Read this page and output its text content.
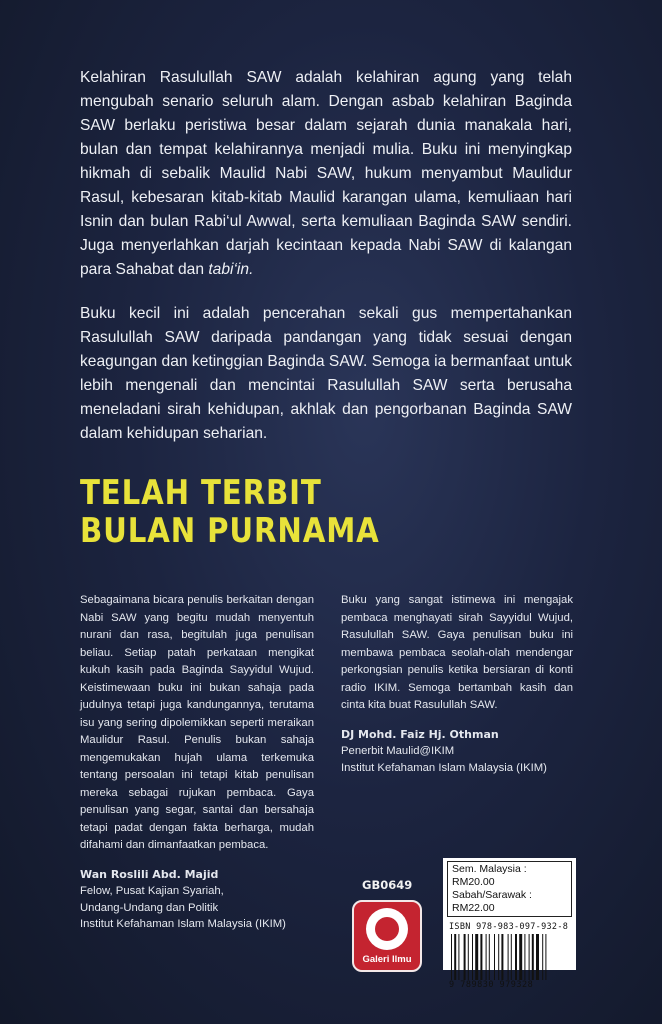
Kelahiran Rasulullah SAW adalah kelahiran agung yang telah mengubah senario seluruh alam. Dengan asbab kelahiran Baginda SAW berlaku peristiwa besar dalam sejarah dunia manakala hari, bulan dan tempat kelahirannya menjadi mulia. Buku ini menyingkap hikmah di sebalik Maulid Nabi SAW, hukum menyambut Maulidur Rasul, kebesaran kitab-kitab Maulid karangan ulama, kemuliaan hari Isnin dan bulan Rabi‘ul Awwal, serta kemuliaan Baginda SAW sendiri. Juga menyerlahkan darjah kecintaan kepada Nabi SAW di kalangan para Sahabat dan tabi‘in.

Buku kecil ini adalah pencerahan sekali gus mempertahankan Rasulullah SAW daripada pandangan yang tidak sesuai dengan keagungan dan ketinggian Baginda SAW. Semoga ia bermanfaat untuk lebih mengenali dan mencintai Rasulullah SAW serta berusaha meneladani sirah kehidupan, akhlak dan pengorbanan Baginda SAW dalam kehidupan seharian.

TELAH TERBIT
BULAN PURNAMA

Sebagaimana bicara penulis berkaitan dengan Nabi SAW yang begitu mudah menyentuh nurani dan rasa, begitulah juga penulisan beliau. Setiap patah perkataan mengikat kukuh kasih pada Baginda Sayyidul Wujud. Keistimewaan buku ini bukan sahaja pada judulnya tetapi juga kandungannya, terutama isu yang sering dipolemikkan seperti meraikan Maulidur Rasul. Penulis bukan sahaja mengemukakan hujah ulama terkemuka tentang persoalan ini tetapi kitab penulisan mereka sebagai rujukan pembaca. Gaya penulisan yang segar, santai dan bersahaja tetapi padat dengan fakta berharga, mudah difahami dan dimanfaatkan pembaca.

Wan Roslili Abd. Majid
Felow, Pusat Kajian Syariah,
Undang-Undang dan Politik
Institut Kefahaman Islam Malaysia (IKIM)

Buku yang sangat istimewa ini mengajak pembaca menghayati sirah Sayyidul Wujud, Rasulullah SAW. Gaya penulisan buku ini membawa pembaca seolah-olah mendengar perkongsian penulis ketika bersiaran di konti radio IKIM. Semoga bertambah kasih dan cinta kita buat Rasulullah SAW.

DJ Mohd. Faiz Hj. Othman
Penerbit Maulid@IKIM
Institut Kefahaman Islam Malaysia (IKIM)
GB0649
Galeri Ilmu
Sem. Malaysia : RM20.00
Sabah/Sarawak : RM22.00
ISBN 978-983-097-932-8
9 789830 979328
